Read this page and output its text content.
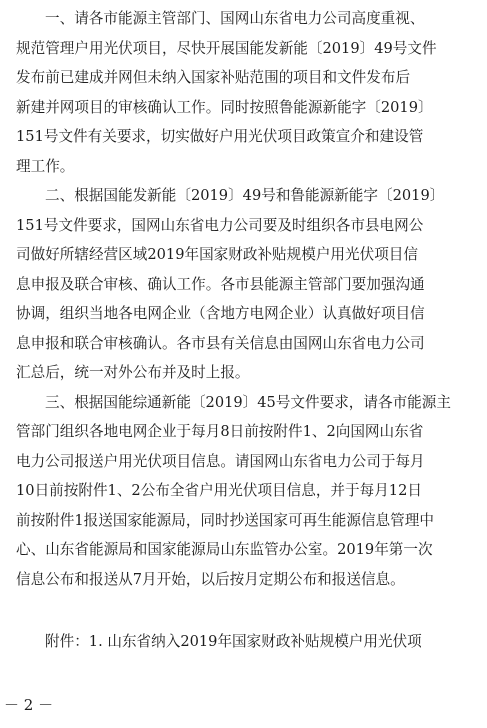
一、请各市能源主管部门、国网山东省电力公司高度重视、
规范管理户用光伏项目，尽快开展国能发新能〔2019〕49号文件
发布前已建成并网但未纳入国家补贴范围的项目和文件发布后
新建并网项目的审核确认工作。同时按照鲁能源新能字〔2019〕
151号文件有关要求，切实做好户用光伏项目政策宣介和建设管
理工作。
二、根据国能发新能〔2019〕49号和鲁能源新能字〔2019〕
151号文件要求，国网山东省电力公司要及时组织各市县电网公
司做好所辖经营区域2019年国家财政补贴规模户用光伏项目信
息申报及联合审核、确认工作。各市县能源主管部门要加强沟通
协调，组织当地各电网企业（含地方电网企业）认真做好项目信
息申报和联合审核确认。各市县有关信息由国网山东省电力公司
汇总后，统一对外公布并及时上报。
三、根据国能综通新能〔2019〕45号文件要求，请各市能源主
管部门组织各地电网企业于每月8日前按附件1、2向国网山东省
电力公司报送户用光伏项目信息。请国网山东省电力公司于每月
10日前按附件1、2公布全省户用光伏项目信息，并于每月12日
前按附件1报送国家能源局，同时抄送国家可再生能源信息管理中
心、山东省能源局和国家能源局山东监管办公室。2019年第一次
信息公布和报送从7月开始，以后按月定期公布和报送信息。
附件：1. 山东省纳入2019年国家财政补贴规模户用光伏项
－ 2 －
